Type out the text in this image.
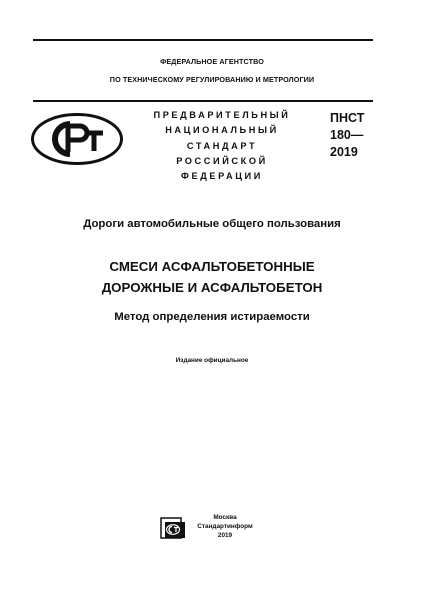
ФЕДЕРАЛЬНОЕ АГЕНТСТВО
ПО ТЕХНИЧЕСКОМУ РЕГУЛИРОВАНИЮ И МЕТРОЛОГИИ
ПРЕДВАРИТЕЛЬНЫЙ
НАЦИОНАЛЬНЫЙ
СТАНДАРТ
РОССИЙСКОЙ
ФЕДЕРАЦИИ
ПНСТ
180—
2019
Дороги автомобильные общего пользования
СМЕСИ АСФАЛЬТОБЕТОННЫЕ
ДОРОЖНЫЕ И АСФАЛЬТОБЕТОН
Метод определения истираемости
Издание официальное
Москва
Стандартинформ
2019
